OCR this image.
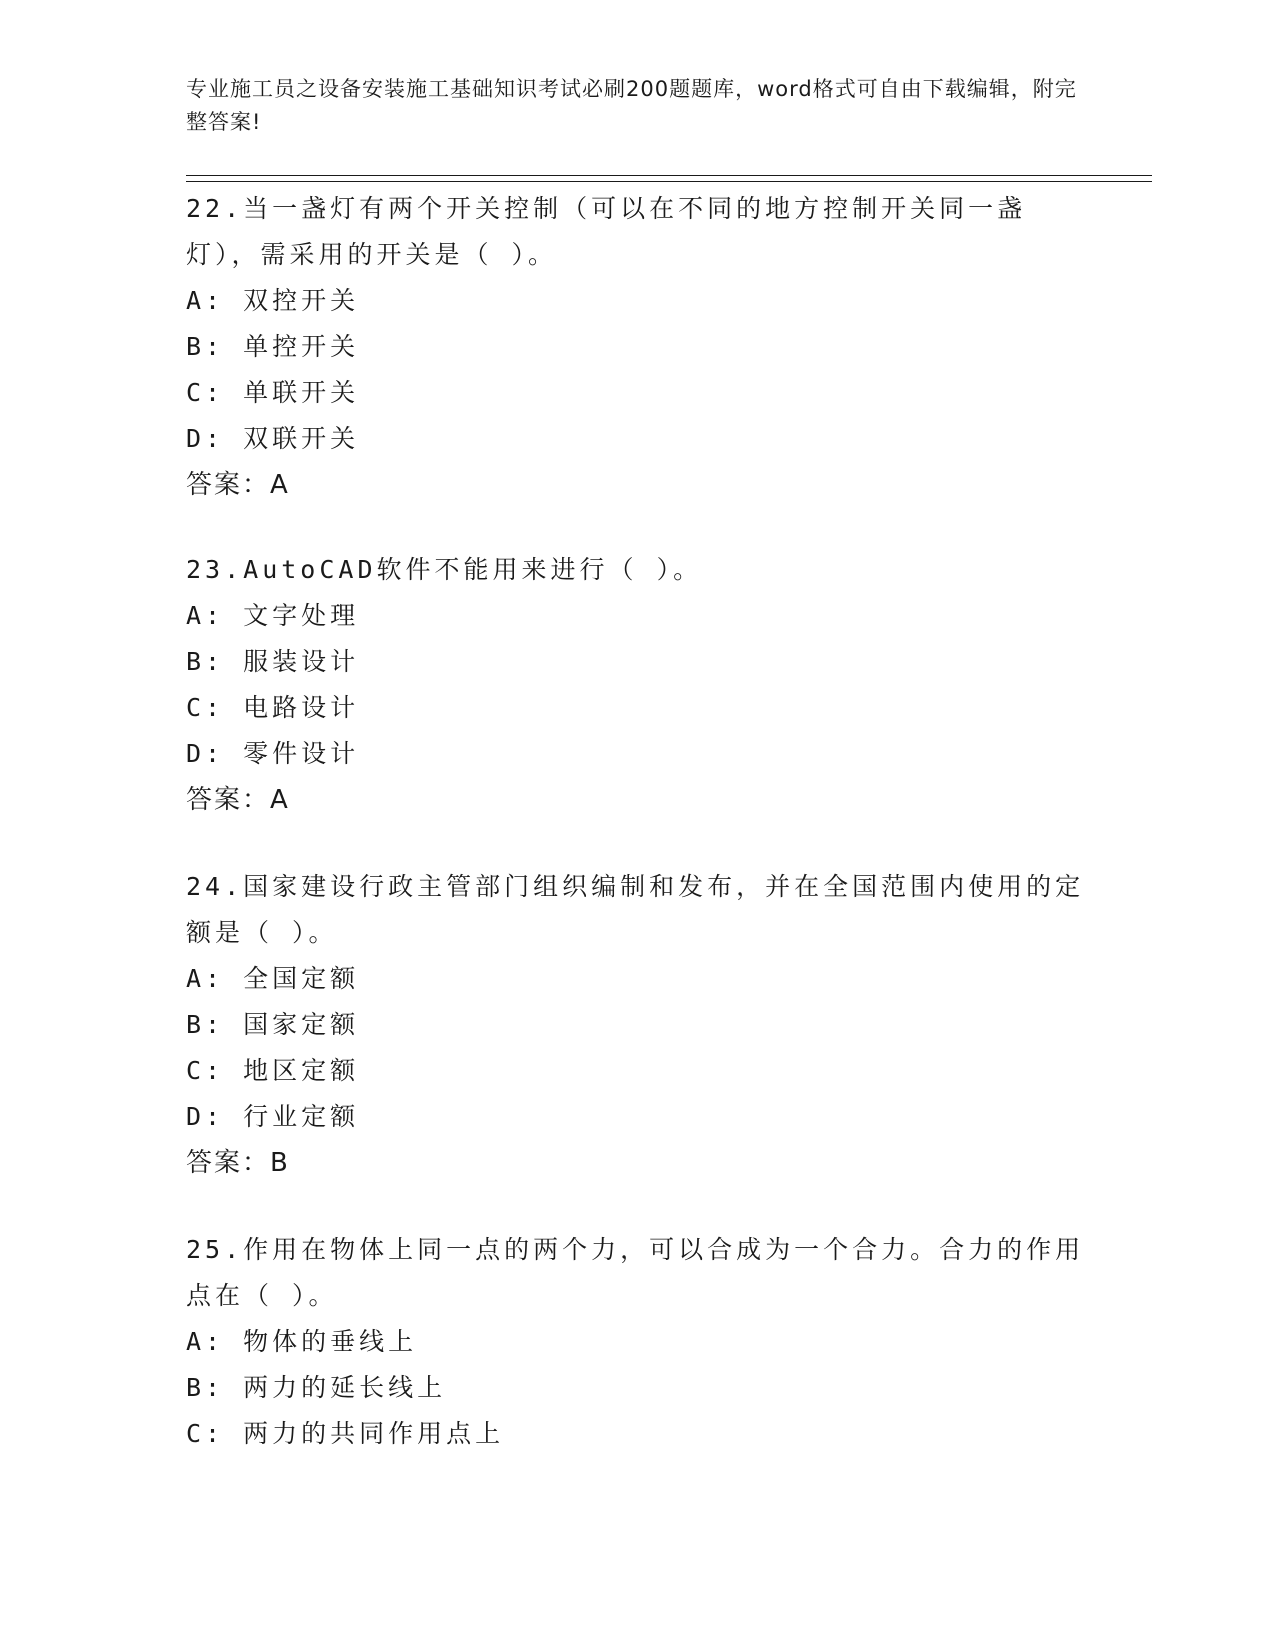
专业施工员之设备安装施工基础知识考试必刷200题题库，word格式可自由下载编辑，附完整答案!
22.当一盏灯有两个开关控制（可以在不同的地方控制开关同一盏灯），需采用的开关是（ ）。
A: 双控开关
B: 单控开关
C: 单联开关
D: 双联开关
答案：A
23.AutoCAD软件不能用来进行（ ）。
A: 文字处理
B: 服装设计
C: 电路设计
D: 零件设计
答案：A
24.国家建设行政主管部门组织编制和发布，并在全国范围内使用的定额是（ ）。
A: 全国定额
B: 国家定额
C: 地区定额
D: 行业定额
答案：B
25.作用在物体上同一点的两个力，可以合成为一个合力。合力的作用点在（ ）。
A: 物体的垂线上
B: 两力的延长线上
C: 两力的共同作用点上
